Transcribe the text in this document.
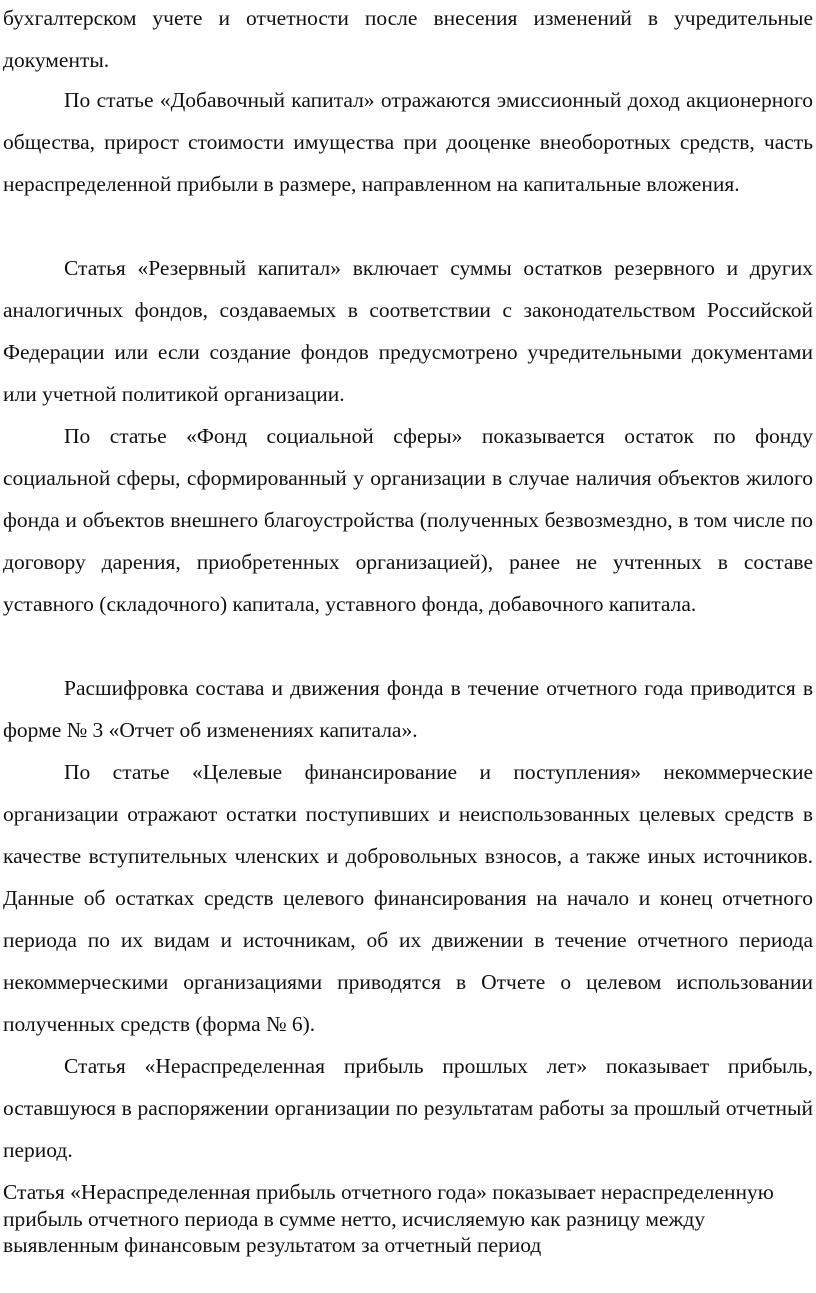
бухгалтерском учете и отчетности после внесения изменений в учредительные документы.

По статье «Добавочный капитал» отражаются эмиссионный доход акционерного общества, прирост стоимости имущества при дооценке внеоборотных средств, часть нераспределенной прибыли в размере, направленном на капитальные вложения.

Статья «Резервный капитал» включает суммы остатков резервного и других аналогичных фондов, создаваемых в соответствии с законодательством Российской Федерации или если создание фондов предусмотрено учредительными документами или учетной политикой организации.

По статье «Фонд социальной сферы» показывается остаток по фонду социальной сферы, сформированный у организации в случае наличия объектов жилого фонда и объектов внешнего благоустройства (полученных безвозмездно, в том числе по договору дарения, приобретенных организацией), ранее не учтенных в составе уставного (складочного) капитала, уставного фонда, добавочного капитала.

Расшифровка состава и движения фонда в течение отчетного года приводится в форме № 3 «Отчет об изменениях капитала».

По статье «Целевые финансирование и поступления» некоммерческие организации отражают остатки поступивших и неиспользованных целевых средств в качестве вступительных членских и добровольных взносов, а также иных источников. Данные об остатках средств целевого финансирования на начало и конец отчетного периода по их видам и источникам, об их движении в течение отчетного периода некоммерческими организациями приводятся в Отчете о целевом использовании полученных средств (форма № 6).

Статья «Нераспределенная прибыль прошлых лет» показывает прибыль, оставшуюся в распоряжении организации по результатам работы за прошлый отчетный период.

Статья «Нераспределенная прибыль отчетного года» показывает нераспределенную прибыль отчетного периода в сумме нетто, исчисляемую как разницу между выявленным финансовым результатом за отчетный период
